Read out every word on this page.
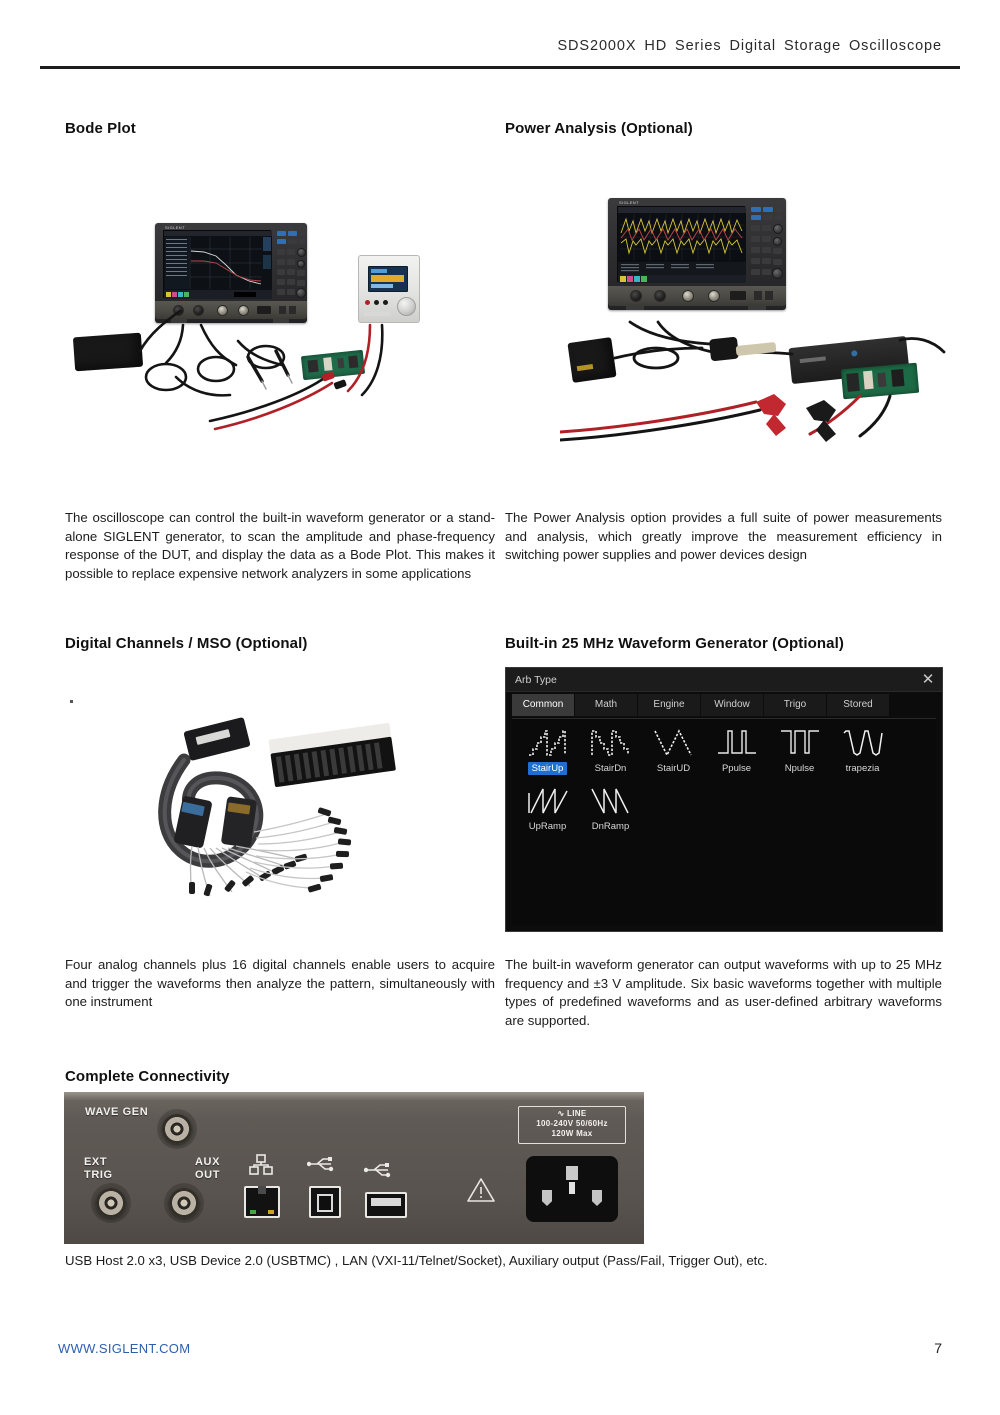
SDS2000X HD Series Digital Storage Oscilloscope
Bode Plot	Power Analysis (Optional)
Digital Channels / MSO (Optional)	Built-in 25 MHz Waveform Generator (Optional)
Complete Connectivity
SIGLENT
SIGLENT
Arb Type	✕
Common	Math	Engine	Window	Trigo	Stored
StairUp	StairDn	StairUD	Ppulse	Npulse	trapezia
UpRamp	DnRamp
The oscilloscope can control the built-in waveform generator or a stand-alone SIGLENT generator, to scan the amplitude and phase-frequency response of the DUT, and display the data as a Bode Plot. This makes it possible to replace expensive network analyzers in some applications
The Power Analysis option provides a full suite of power measurements and analysis, which greatly improve the measurement efficiency in switching power supplies and power devices design
Four analog channels plus 16 digital channels enable users to acquire and trigger the waveforms then analyze the pattern, simultaneously with one instrument
The built-in waveform generator can output waveforms with up to 25 MHz frequency and ±3 V amplitude. Six basic waveforms together with multiple types of predefined waveforms and as user-defined arbitrary waveforms are supported.
WAVE GEN
EXT
TRIG
AUX
OUT
∿ LINE
100-240V 50/60Hz
120W Max
USB Host 2.0 x3, USB Device 2.0 (USBTMC) , LAN (VXI-11/Telnet/Socket), Auxiliary output (Pass/Fail, Trigger Out), etc.
WWW.SIGLENT.COM	7
